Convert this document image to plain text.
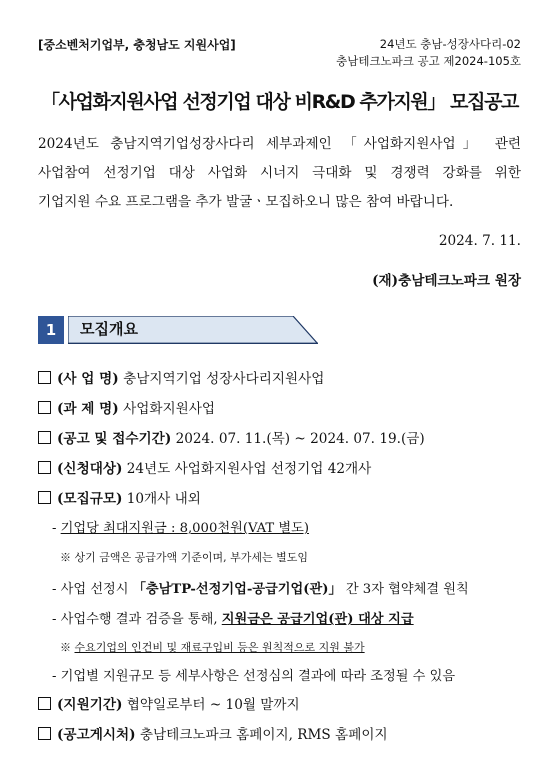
[중소벤처기업부, 충청남도 지원사업]	24년도 충남-성장사다리-02
충남테크노파크 공고 제2024-105호
「사업화지원사업 선정기업 대상 비R&D 추가지원」 모집공고
2024년도 충남지역기업성장사다리 세부과제인 「사업화지원사업」 관련
사업참여 선정기업 대상 사업화 시너지 극대화 및 경쟁력 강화를 위한
기업지원 수요 프로그램을 추가 발굴ㆍ모집하오니 많은 참여 바랍니다.
2024. 7. 11.
(재)충남테크노파크 원장
1	모집개요
(사 업 명) 충남지역기업 성장사다리지원사업
(과 제 명) 사업화지원사업
(공고 및 접수기간) 2024. 07. 11.(목) ~ 2024. 07. 19.(금)
(신청대상) 24년도 사업화지원사업 선정기업 42개사
(모집규모) 10개사 내외
- 기업당 최대지원금 : 8,000천원(VAT 별도)
※ 상기 금액은 공급가액 기준이며, 부가세는 별도임
- 사업 선정시 「충남TP-선정기업-공급기업(관)」 간 3자 협약체결 원칙
- 사업수행 결과 검증을 통해, 지원금은 공급기업(관) 대상 지급
※ 수요기업의 인건비 및 재료구입비 등은 원칙적으로 지원 불가
- 기업별 지원규모 등 세부사항은 선정심의 결과에 따라 조정될 수 있음
(지원기간) 협약일로부터 ~ 10월 말까지
(공고게시처) 충남테크노파크 홈페이지, RMS 홈페이지
